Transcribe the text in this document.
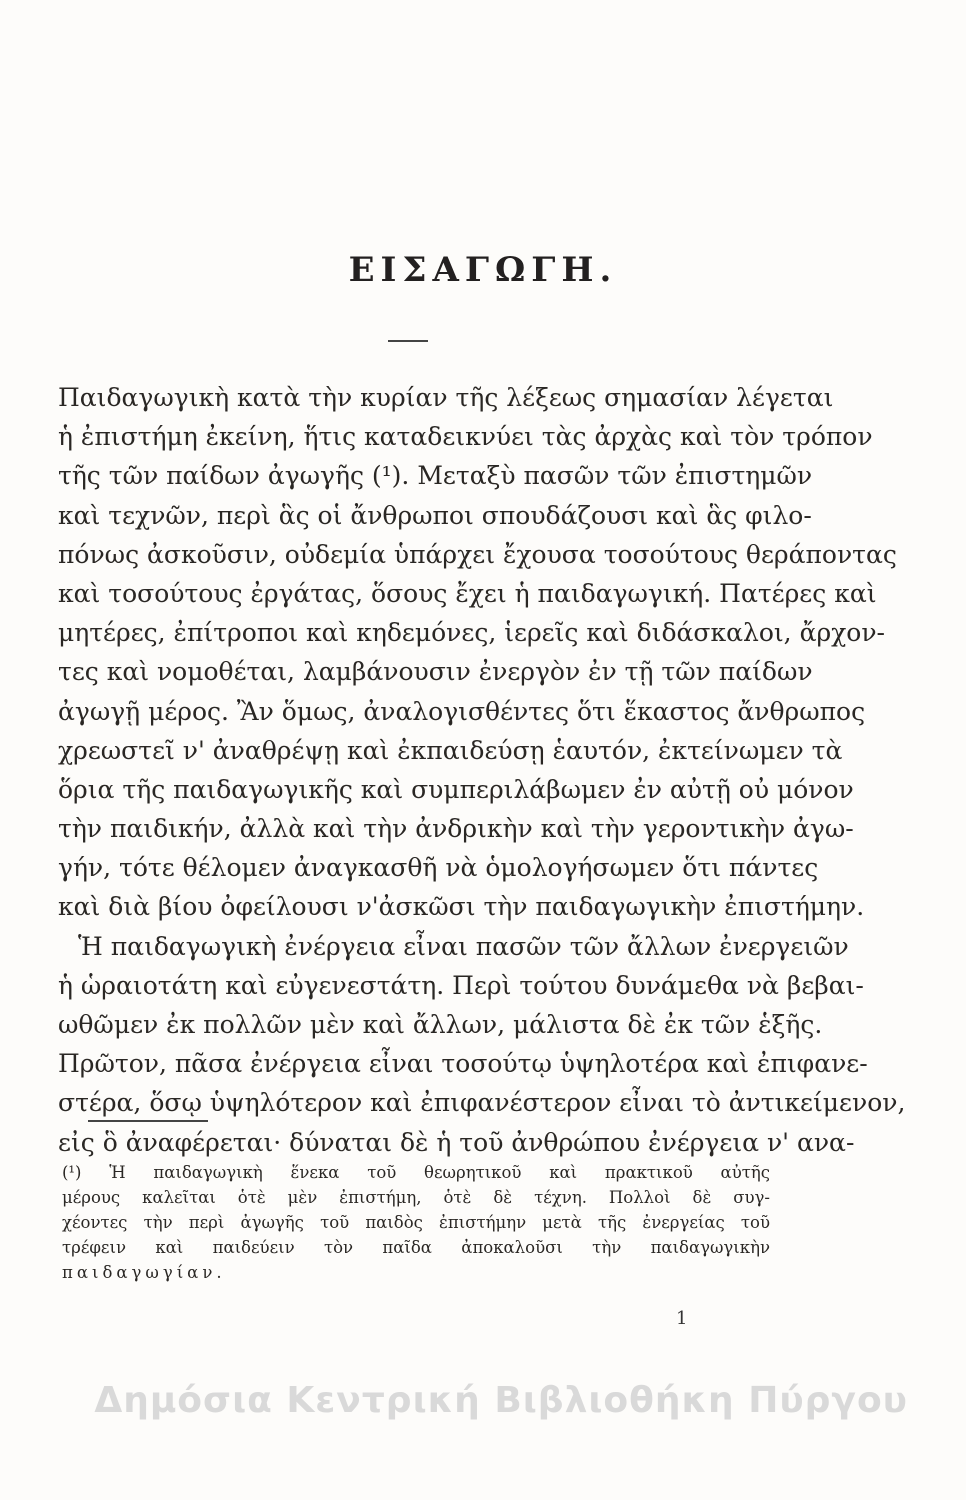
ΕΙΣΑΓΩΓΗ.
Παιδαγωγικὴ κατὰ τὴν κυρίαν τῆς λέξεως σημασίαν λέγεται
ἡ ἐπιστήμη ἐκείνη, ἥτις καταδεικνύει τὰς ἀρχὰς καὶ τὸν τρόπον
τῆς τῶν παίδων ἀγωγῆς (¹). Μεταξὺ πασῶν τῶν ἐπιστημῶν
καὶ τεχνῶν, περὶ ἃς οἱ ἄνθρωποι σπουδάζουσι καὶ ἃς φιλο-
πόνως ἀσκοῦσιν, οὐδεμία ὑπάρχει ἔχουσα τοσούτους θεράποντας
καὶ τοσούτους ἐργάτας, ὅσους ἔχει ἡ παιδαγωγική. Πατέρες καὶ
μητέρες, ἐπίτροποι καὶ κηδεμόνες, ἱερεῖς καὶ διδάσκαλοι, ἄρχον-
τες καὶ νομοθέται, λαμβάνουσιν ἐνεργὸν ἐν τῇ τῶν παίδων
ἀγωγῇ μέρος. Ἂν ὅμως, ἀναλογισθέντες ὅτι ἕκαστος ἄνθρωπος
χρεωστεῖ ν' ἀναθρέψῃ καὶ ἐκπαιδεύσῃ ἑαυτόν, ἐκτείνωμεν τὰ
ὅρια τῆς παιδαγωγικῆς καὶ συμπεριλάβωμεν ἐν αὐτῇ οὐ μόνον
τὴν παιδικήν, ἀλλὰ καὶ τὴν ἀνδρικὴν καὶ τὴν γεροντικὴν ἀγω-
γήν, τότε θέλομεν ἀναγκασθῆ νὰ ὁμολογήσωμεν ὅτι πάντες
καὶ διὰ βίου ὀφείλουσι ν'ἀσκῶσι τὴν παιδαγωγικὴν ἐπιστήμην.
Ἡ παιδαγωγικὴ ἐνέργεια εἶναι πασῶν τῶν ἄλλων ἐνεργειῶν
ἡ ὡραιοτάτη καὶ εὐγενεστάτη. Περὶ τούτου δυνάμεθα νὰ βεβαι-
ωθῶμεν ἐκ πολλῶν μὲν καὶ ἄλλων, μάλιστα δὲ ἐκ τῶν ἑξῆς.
Πρῶτον, πᾶσα ἐνέργεια εἶναι τοσούτῳ ὑψηλοτέρα καὶ ἐπιφανε-
στέρα, ὅσῳ ὑψηλότερον καὶ ἐπιφανέστερον εἶναι τὸ ἀντικείμενον,
εἰς ὃ ἀναφέρεται· δύναται δὲ ἡ τοῦ ἀνθρώπου ἐνέργεια ν' ανα-
(¹) Ἡ παιδαγωγικὴ ἕνεκα τοῦ θεωρητικοῦ καὶ πρακτικοῦ αὐτῆς
μέρους καλεῖται ὁτὲ μὲν ἐπιστήμη, ὁτὲ δὲ τέχνη. Πολλοὶ δὲ συγ-
χέοντες τὴν περὶ ἀγωγῆς τοῦ παιδὸς ἐπιστήμην μετὰ τῆς ἐνεργείας τοῦ
τρέφειν καὶ παιδεύειν τὸν παῖδα ἀποκαλοῦσι τὴν παιδαγωγικὴν
παιδαγωγίαν.
1
Δημόσια Κεντρική Βιβλιοθήκη Πύργου
